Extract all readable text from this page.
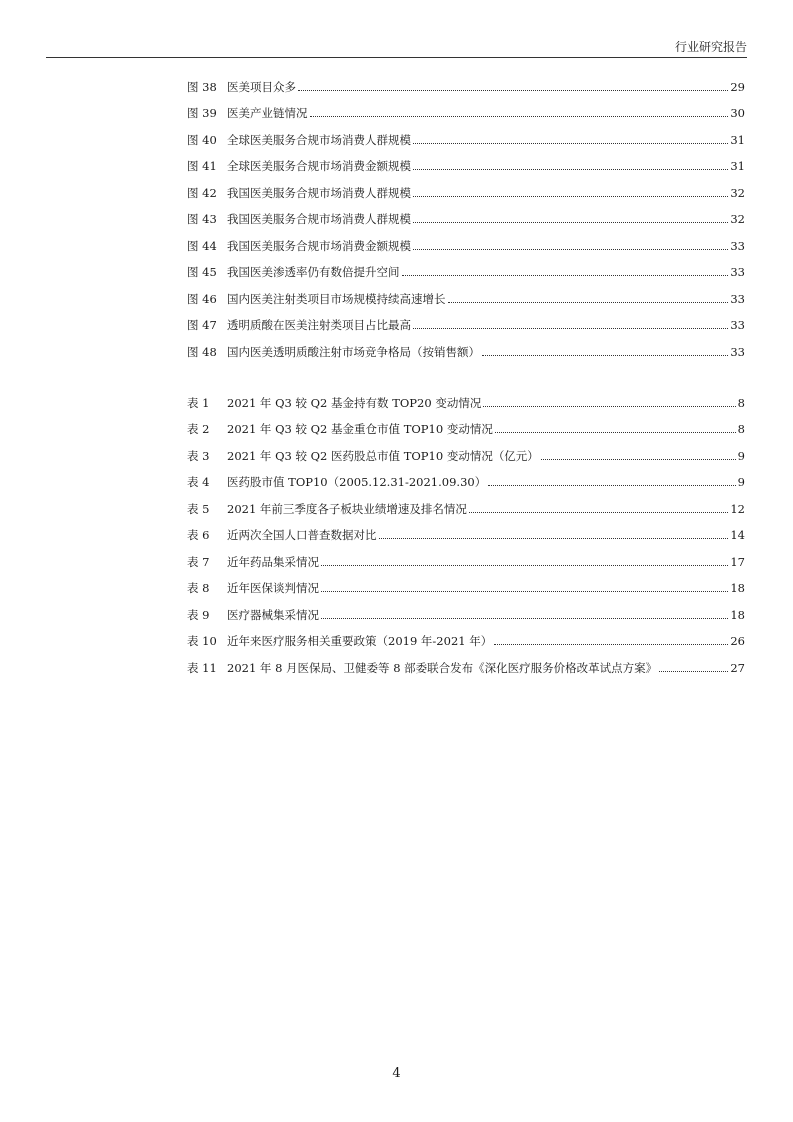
行业研究报告
图 38 医美项目众多	29
图 39 医美产业链情况	30
图 40 全球医美服务合规市场消费人群规模	31
图 41 全球医美服务合规市场消费金额规模	31
图 42 我国医美服务合规市场消费人群规模	32
图 43 我国医美服务合规市场消费人群规模	32
图 44 我国医美服务合规市场消费金额规模	33
图 45 我国医美渗透率仍有数倍提升空间	33
图 46 国内医美注射类项目市场规模持续高速增长	33
图 47 透明质酸在医美注射类项目占比最高	33
图 48 国内医美透明质酸注射市场竞争格局（按销售额）	33
表 1	2021 年 Q3 较 Q2 基金持有数 TOP20 变动情况	8
表 2	2021 年 Q3 较 Q2 基金重仓市值 TOP10 变动情况	8
表 3	2021 年 Q3 较 Q2 医药股总市值 TOP10 变动情况（亿元）	9
表 4	医药股市值 TOP10（2005.12.31-2021.09.30）	9
表 5	2021 年前三季度各子板块业绩增速及排名情况	12
表 6	近两次全国人口普查数据对比	14
表 7	近年药品集采情况	17
表 8	近年医保谈判情况	18
表 9	医疗器械集采情况	18
表 10 近年来医疗服务相关重要政策（2019 年-2021 年）	26
表 11 2021 年 8 月医保局、卫健委等 8 部委联合发布《深化医疗服务价格改革试点方案》	27
4
